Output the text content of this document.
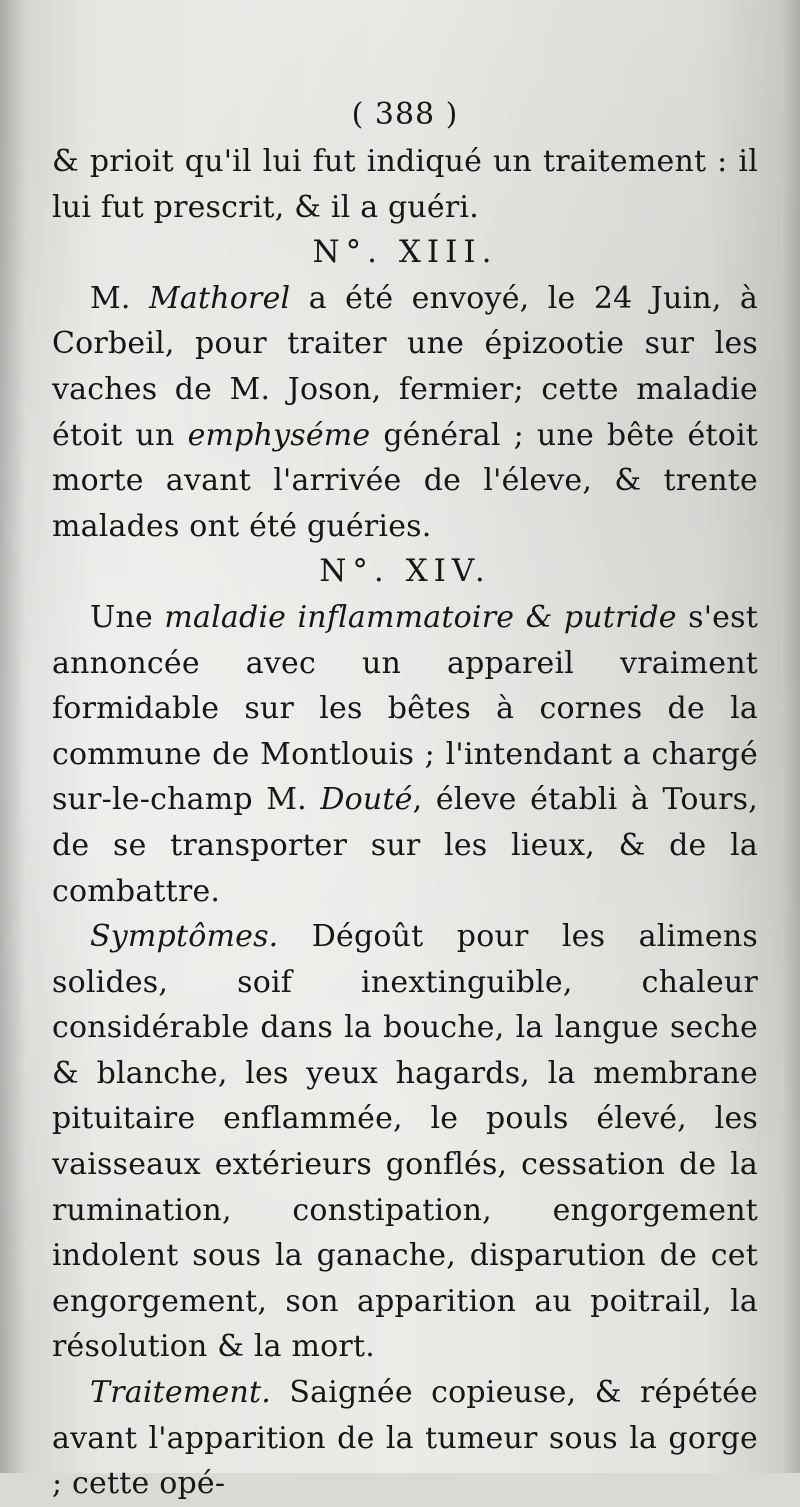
( 388 )

& prioit qu'il lui fut indiqué un traitement : il lui fut prescrit, & il a guéri.

N°. XIII.

M. Mathorel a été envoyé, le 24 Juin, à Corbeil, pour traiter une épizootie sur les vaches de M. Joson, fermier; cette maladie étoit un emphyséme général ; une bête étoit morte avant l'arrivée de l'éleve, & trente malades ont été guéries.

N°. XIV.

Une maladie inflammatoire & putride s'est annoncée avec un appareil vraiment formidable sur les bêtes à cornes de la commune de Montlouis ; l'intendant a chargé sur-le-champ M. Douté, éleve établi à Tours, de se transporter sur les lieux, & de la combattre.

Symptômes. Dégoût pour les alimens solides, soif inextinguible, chaleur considérable dans la bouche, la langue seche & blanche, les yeux hagards, la membrane pituitaire enflammée, le pouls élevé, les vaisseaux extérieurs gonflés, cessation de la rumination, constipation, engorgement indolent sous la ganache, disparution de cet engorgement, son apparition au poitrail, la résolution & la mort.

Traitement. Saignée copieuse, & répétée avant l'apparition de la tumeur sous la gorge ; cette opé-
